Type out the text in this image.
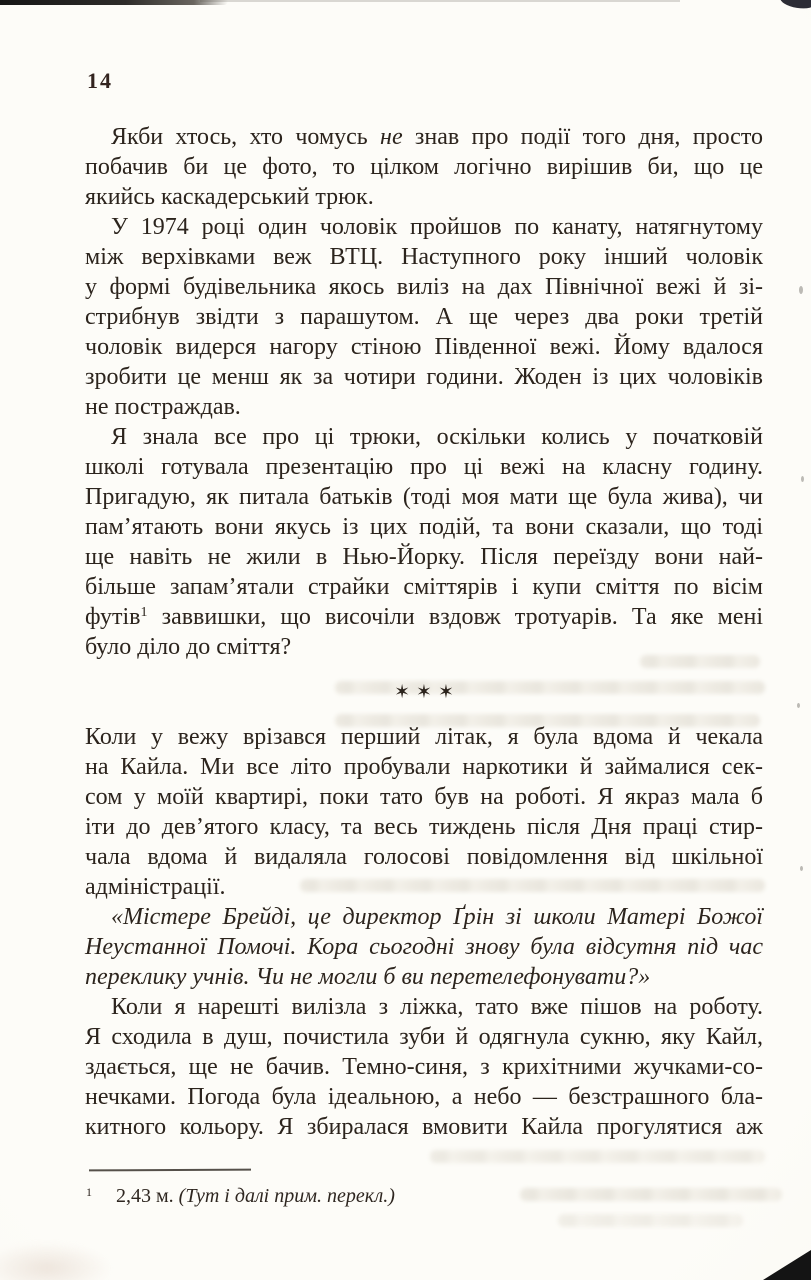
14
Якби хтось, хто чомусь не знав про події того дня, просто
побачив би це фото, то цілком логічно вирішив би, що це
якийсь каскадерський трюк.
У 1974 році один чоловік пройшов по канату, натягнутому
між верхівками веж ВТЦ. Наступного року інший чоловік
у формі будівельника якось виліз на дах Північної вежі й зі-
стрибнув звідти з парашутом. А ще через два роки третій
чоловік видерся нагору стіною Південної вежі. Йому вдалося
зробити це менш як за чотири години. Жоден із цих чоловіків
не постраждав.
Я знала все про ці трюки, оскільки колись у початковій
школі готувала презентацію про ці вежі на класну годину.
Пригадую, як питала батьків (тоді моя мати ще була жива), чи
пам’ятають вони якусь із цих подій, та вони сказали, що тоді
ще навіть не жили в Нью-Йорку. Після переїзду вони най-
більше запам’ятали страйки сміттярів і купи сміття по вісім
футів$^1$ заввишки, що височіли вздовж тротуарів. Та яке мені
було діло до сміття?
✶✶✶
Коли у вежу врізався перший літак, я була вдома й чекала
на Кайла. Ми все літо пробували наркотики й займалися сек-
сом у моїй квартирі, поки тато був на роботі. Я якраз мала б
іти до дев’ятого класу, та весь тиждень після Дня праці стир-
чала вдома й видаляла голосові повідомлення від шкільної
адміністрації.
«Містере Брейді, це директор Ґрін зі школи Матері Божої
Неустанної Помочі. Кора сьогодні знову була відсутня під час
переклику учнів. Чи не могли б ви перетелефонувати?»
Коли я нарешті вилізла з ліжка, тато вже пішов на роботу.
Я сходила в душ, почистила зуби й одягнула сукню, яку Кайл,
здається, ще не бачив. Темно-синя, з крихітними жучками-со-
нечками. Погода була ідеальною, а небо — безстрашного бла-
китного кольору. Я збиралася вмовити Кайла прогулятися аж
$^1$ 2,43 м. (Тут і далі прим. перекл.)
